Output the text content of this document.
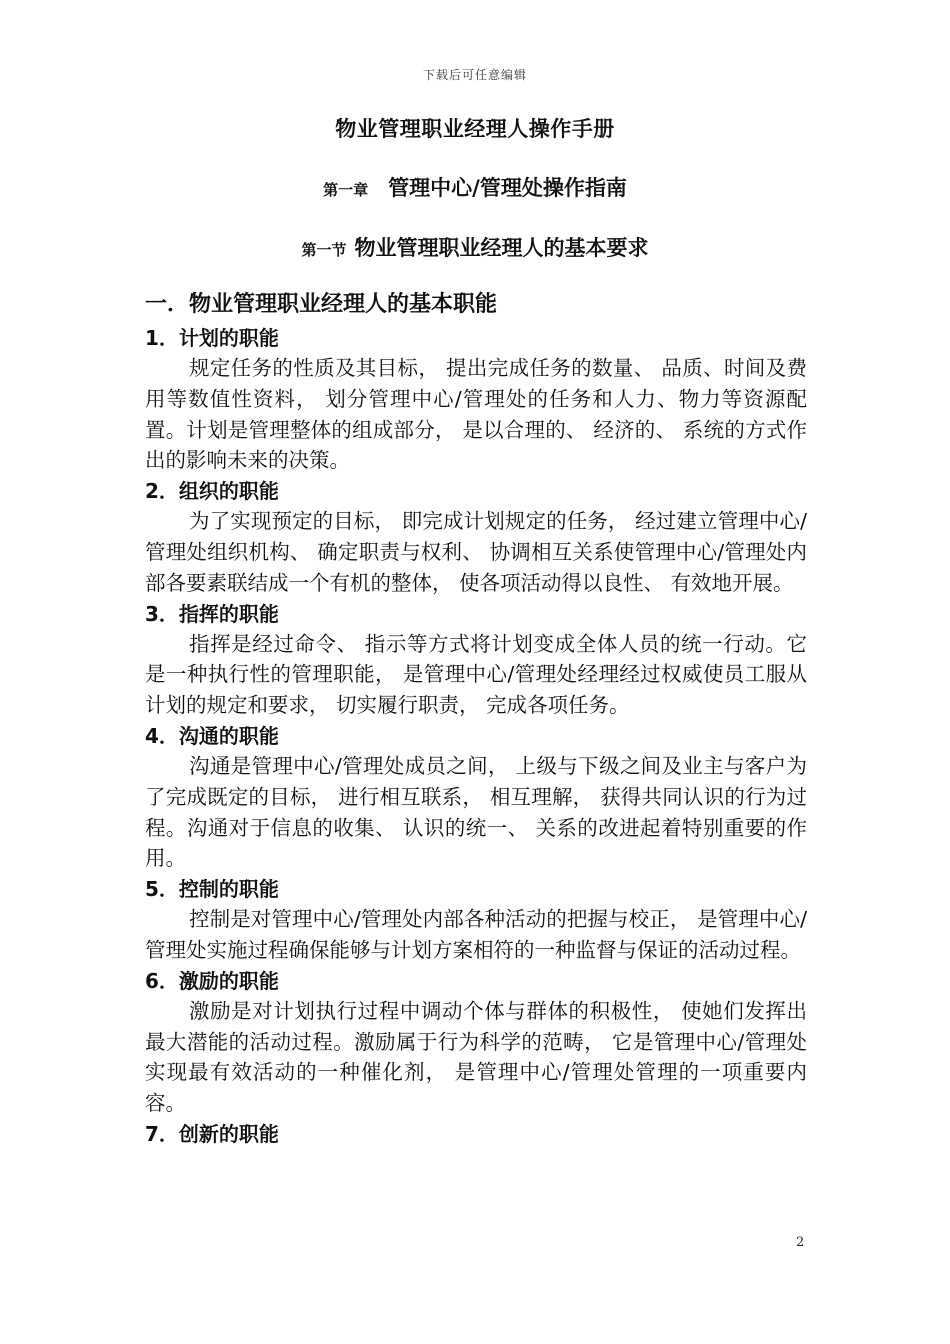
下载后可任意编辑
物业管理职业经理人操作手册
第一章 管理中心/管理处操作指南
第一节 物业管理职业经理人的基本要求
一．物业管理职业经理人的基本职能
1．计划的职能

规定任务的性质及其目标， 提出完成任务的数量、 品质、时间及费用等数值性资料， 划分管理中心/管理处的任务和人力、物力等资源配置。计划是管理整体的组成部分， 是以合理的、 经济的、 系统的方式作出的影响未来的决策。

2．组织的职能

为了实现预定的目标， 即完成计划规定的任务， 经过建立管理中心/管理处组织机构、 确定职责与权利、 协调相互关系使管理中心/管理处内部各要素联结成一个有机的整体， 使各项活动得以良性、 有效地开展。

3．指挥的职能

指挥是经过命令、 指示等方式将计划变成全体人员的统一行动。它是一种执行性的管理职能， 是管理中心/管理处经理经过权威使员工服从计划的规定和要求， 切实履行职责， 完成各项任务。

4．沟通的职能

沟通是管理中心/管理处成员之间， 上级与下级之间及业主与客户为了完成既定的目标， 进行相互联系， 相互理解， 获得共同认识的行为过程。沟通对于信息的收集、 认识的统一、 关系的改进起着特别重要的作用。

5．控制的职能

控制是对管理中心/管理处内部各种活动的把握与校正， 是管理中心/管理处实施过程确保能够与计划方案相符的一种监督与保证的活动过程。

6．激励的职能

激励是对计划执行过程中调动个体与群体的积极性， 使她们发挥出最大潜能的活动过程。激励属于行为科学的范畴， 它是管理中心/管理处实现最有效活动的一种催化剂， 是管理中心/管理处管理的一项重要内容。

7．创新的职能
2
